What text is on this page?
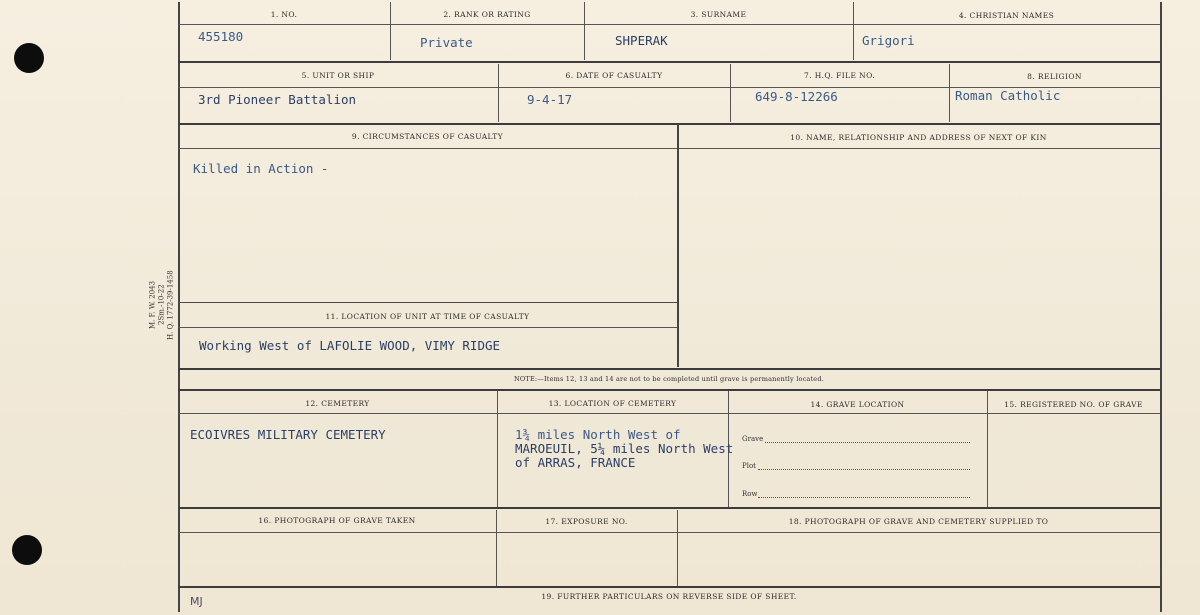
M. F. W. 2043 2Sm.-10-22 H. Q. 1772-39-1458
1. NO.	2. RANK OR RATING	3. SURNAME	4. CHRISTIAN NAMES
455180	Private	SHPERAK	Grigori
5. UNIT OR SHIP	6. DATE OF CASUALTY	7. H.Q. FILE NO.	8. RELIGION
3rd Pioneer Battalion	9-4-17	649-8-12266	Roman Catholic
9. CIRCUMSTANCES OF CASUALTY	10. NAME, RELATIONSHIP AND ADDRESS OF NEXT OF KIN
Killed in Action -
11. LOCATION OF UNIT AT TIME OF CASUALTY
Working West of LAFOLIE WOOD, VIMY RIDGE
NOTE:—Items 12, 13 and 14 are not to be completed until grave is permanently located.
12. CEMETERY	13. LOCATION OF CEMETERY	14. GRAVE LOCATION	15. REGISTERED NO. OF GRAVE
ECOIVRES MILITARY CEMETERY	1¾ miles North West of
MAROEUIL, 5¼ miles North West
of ARRAS, FRANCE
Grave
Plot
Row
16. PHOTOGRAPH OF GRAVE TAKEN	17. EXPOSURE NO.	18. PHOTOGRAPH OF GRAVE AND CEMETERY SUPPLIED TO
19. FURTHER PARTICULARS ON REVERSE SIDE OF SHEET.
MJ
